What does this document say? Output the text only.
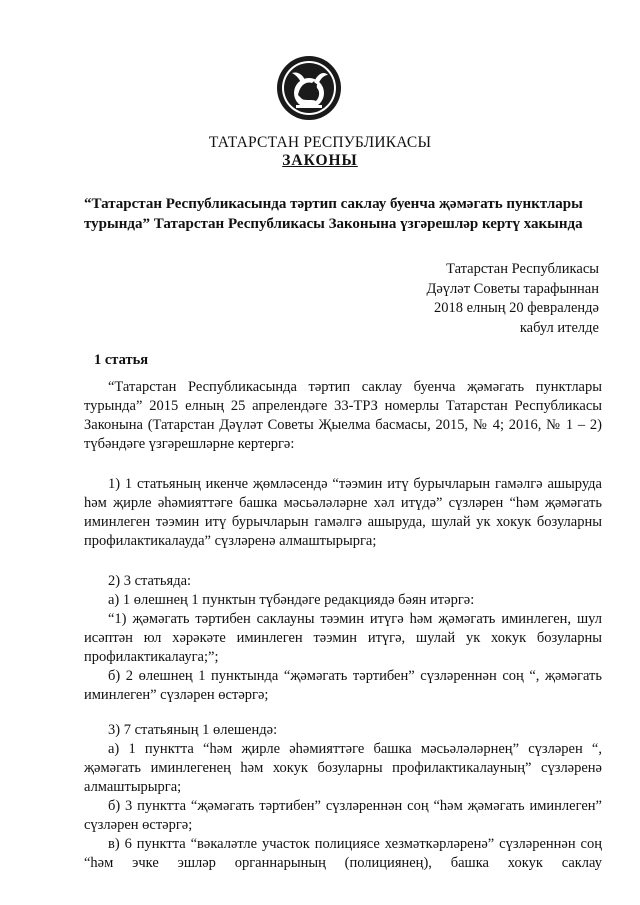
ТАТАРСТАН РЕСПУБЛИКАСЫ
ЗАКОНЫ
“Татарстан Республикасында тәртип саклау буенча җәмәгать пунктлары
турында” Татарстан Республикасы Законына үзгәрешләр кертү хакында
Татарстан Республикасы
Дәүләт Советы тарафыннан
2018 елның 20 февралендә
кабул ителде
1 статья

“Татарстан Республикасында тәртип саклау буенча җәмәгать пунктлары турында” 2015 елның 25 апрелендәге 33-ТРЗ номерлы Татарстан Республикасы Законына (Татарстан Дәүләт Советы Җыелма басмасы, 2015, № 4; 2016, № 1 – 2) түбәндәге үзгәрешләрне кертергә:

1) 1 статьяның икенче җөмләсендә “тәэмин итү бурычларын гамәлгә ашыруда һәм җирле әһәмияттәге башка мәсьәләләрне хәл итүдә” сүзләрен “һәм җәмәгать иминлеген тәэмин итү бурычларын гамәлгә ашыруда, шулай ук хокук бозуларны профилактикалауда” сүзләренә алмаштырырга;

2) 3 статьяда:

а) 1 өлешнең 1 пунктын түбәндәге редакциядә бәян итәргә:

“1) җәмәгать тәртибен саклауны тәэмин итүгә һәм җәмәгать иминлеген, шул исәптән юл хәрәкәте иминлеген тәэмин итүгә, шулай ук хокук бозуларны профилактикалауга;”;

б) 2 өлешнең 1 пунктында “җәмәгать тәртибен” сүзләреннән соң “, җәмәгать иминлеген” сүзләрен өстәргә;

3) 7 статьяның 1 өлешендә:

а) 1 пунктта “һәм җирле әһәмияттәге башка мәсьәләләрнең” сүзләрен “, җәмәгать иминлегенең һәм хокук бозуларны профилактикалауның” сүзләренә алмаштырырга;

б) 3 пунктта “җәмәгать тәртибен” сүзләреннән соң “һәм җәмәгать иминлеген” сүзләрен өстәргә;

в) 6 пунктта “вәкаләтле участок полициясе хезмәткәрләренә” сүзләреннән соң “һәм эчке эшләр органнарының (полициянең), башка хокук саклау
